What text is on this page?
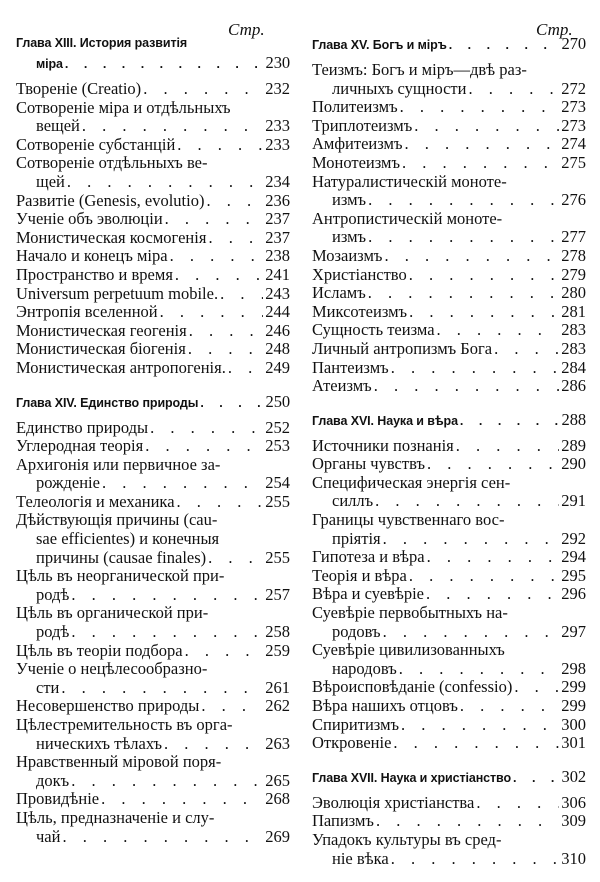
Стр.	Стр.
Глава XIII. История развитія
міра . . .	230
Твореніе (Creatio) . . .	232
Сотвореніе міра и отдѣльныхъ
вещей . . .	233
Сотвореніе субстанцій . . .	233
Сотвореніе отдѣльныхъ ве-
щей . . .	234
Развитіе (Genesis, evolutio) . . .	236
Ученіе объ эволюціи . . .	237
Монистическая космогенія . . .	237
Начало и конецъ міра . . .	238
Пространство и время . . .	241
Universum perpetuum mobile. . . .	243
Энтропія вселенной . . .	244
Монистическая геогенія . . .	246
Монистическая біогенія . . .	248
Монистическая антропогенія. . . . 249
Глава XIV. Единство природы . . .	250
Единство природы . . .	252
Углеродная теорія . . .	253
Архигонія или первичное за-
рожденіе . . .	254
Телеологія и механика . . .	255
Дѣйствующія причины (cau-
sae efficientes) и конечныя
причины (causae finales) . . .	255
Цѣль въ неорганической при-
родѣ . . .	257
Цѣль въ органической при-
родѣ . . .	258
Цѣль въ теоріи подбора . . .	259
Ученіе о нецѣлесообразно-
сти . . .	261
Несовершенство природы . . .	262
Цѣлестремительность въ орга-
ническихъ тѣлахъ . . .	263
Нравственный міровой поря-
докъ . . .	265
Провидѣніе . . .	268
Цѣль, предназначеніе и слу-
чай . . .	269
Глава XV. Богъ и міръ . . .	270
Теизмъ: Богъ и міръ—двѣ раз-
личныхъ сущности . . .	272
Политеизмъ . . .	273
Триплотеизмъ . . .	273
Амфитеизмъ . . .	274
Монотеизмъ . . .	275
Натуралистическій моноте-
измъ . . .	276
Антропистическій моноте-
измъ . . .	277
Мозаизмъ . . .	278
Христіанство . . .	279
Исламъ . . .	280
Миксотеизмъ . . .	281
Сущность теизма . . .	283
Личный антропизмъ Бога . . .	283
Пантеизмъ . . .	284
Атеизмъ . . .	286
Глава XVI. Наука и вѣра . . .	288
Источники познанія . . .	289
Органы чувствъ . . .	290
Специфическая энергія сен-
силлъ . . .	291
Границы чувственнаго вос-
пріятія . . .	292
Гипотеза и вѣра . . .	294
Теорія и вѣра . . .	295
Вѣра и суевѣріе . . .	296
Суевѣріе первобытныхъ на-
родовъ . . .	297
Суевѣріе цивилизованныхъ
народовъ . . .	298
Вѣроисповѣданіе (confessio) . . .	299
Вѣра нашихъ отцовъ . . .	299
Спиритизмъ . . .	300
Откровеніе . . .	301
Глава XVII. Наука и христіанство . . .	302
Эволюція христіанства . . .	306
Папизмъ . . .	309
Упадокъ культуры въ сред-
ніе вѣка . . .	310
